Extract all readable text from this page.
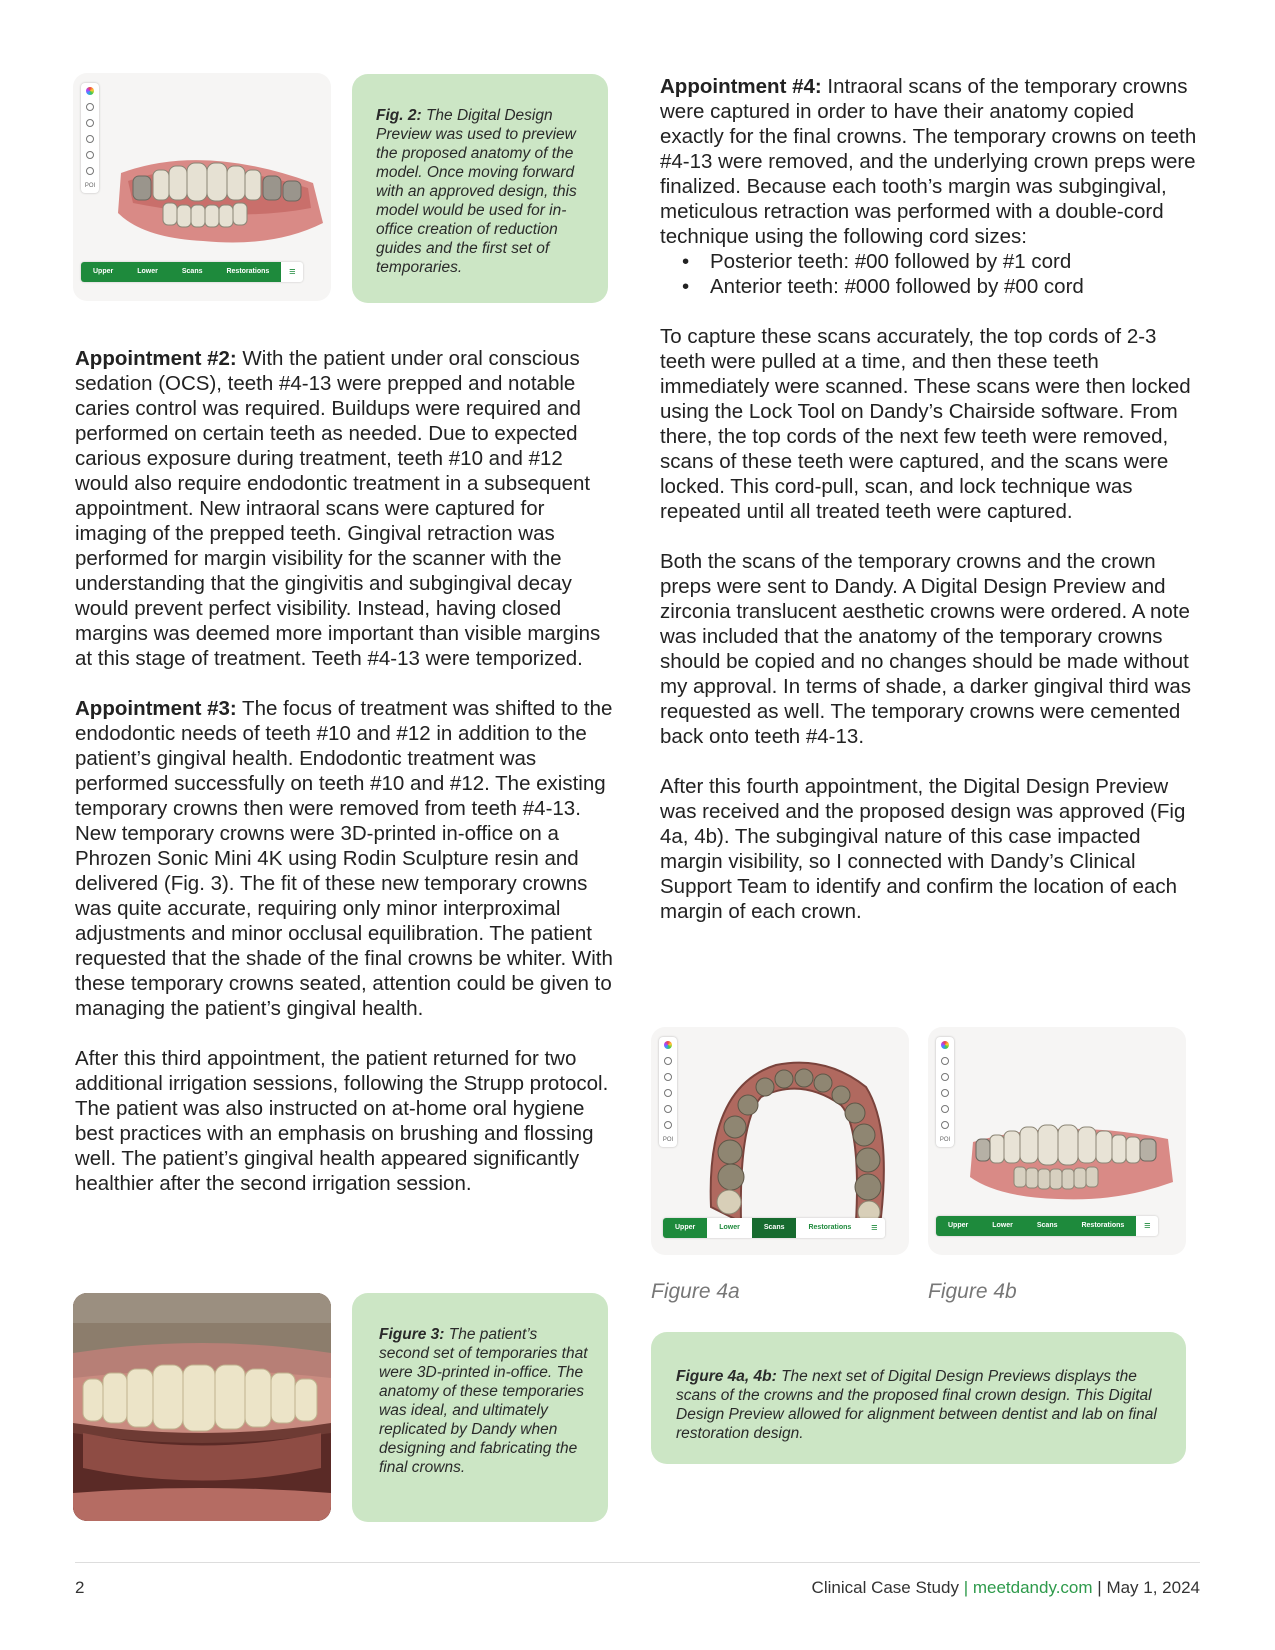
POI
Upper	Lower	Scans	Restorations	≡

Fig. 2: The Digital Design Preview was used to preview the proposed anatomy of the model. Once moving forward with an approved design, this model would be used for in-office creation of reduction guides and the first set of temporaries.

Appointment #2: With the patient under oral conscious sedation (OCS), teeth #4-13 were prepped and notable caries control was required. Buildups were required and performed on certain teeth as needed. Due to expected carious exposure during treatment, teeth #10 and #12 would also require endodontic treatment in a subsequent appointment. New intraoral scans were captured for imaging of the prepped teeth. Gingival retraction was performed for margin visibility for the scanner with the understanding that the gingivitis and subgingival decay would prevent perfect visibility. Instead, having closed margins was deemed more important than visible margins at this stage of treatment. Teeth #4-13 were temporized.

Appointment #3: The focus of treatment was shifted to the endodontic needs of teeth #10 and #12 in addition to the patient’s gingival health. Endodontic treatment was performed successfully on teeth #10 and #12. The existing temporary crowns then were removed from teeth #4-13. New temporary crowns were 3D-printed in-office on a Phrozen Sonic Mini 4K using Rodin Sculpture resin and delivered (Fig. 3). The fit of these new temporary crowns was quite accurate, requiring only minor interproximal adjustments and minor occlusal equilibration. The patient requested that the shade of the final crowns be whiter. With these temporary crowns seated, attention could be given to managing the patient’s gingival health.

After this third appointment, the patient returned for two additional irrigation sessions, following the Strupp protocol. The patient was also instructed on at-home oral hygiene best practices with an emphasis on brushing and flossing well. The patient’s gingival health appeared significantly healthier after the second irrigation session.

Figure 3: The patient’s second set of temporaries that were 3D-printed in-office. The anatomy of these temporaries was ideal, and ultimately replicated by Dandy when designing and fabricating the final crowns.

Appointment #4: Intraoral scans of the temporary crowns were captured in order to have their anatomy copied exactly for the final crowns. The temporary crowns on teeth #4-13 were removed, and the underlying crown preps were finalized. Because each tooth’s margin was subgingival, meticulous retraction was performed with a double-cord technique using the following cord sizes:

• Posterior teeth: #00 followed by #1 cord
• Anterior teeth: #000 followed by #00 cord

To capture these scans accurately, the top cords of 2-3 teeth were pulled at a time, and then these teeth immediately were scanned. These scans were then locked using the Lock Tool on Dandy’s Chairside software. From there, the top cords of the next few teeth were removed, scans of these teeth were captured, and the scans were locked. This cord-pull, scan, and lock technique was repeated until all treated teeth were captured.

Both the scans of the temporary crowns and the crown preps were sent to Dandy. A Digital Design Preview and zirconia translucent aesthetic crowns were ordered. A note was included that the anatomy of the temporary crowns should be copied and no changes should be made without my approval. In terms of shade, a darker gingival third was requested as well. The temporary crowns were cemented back onto teeth #4-13.

After this fourth appointment, the Digital Design Preview was received and the proposed design was approved (Fig 4a, 4b). The subgingival nature of this case impacted margin visibility, so I connected with Dandy’s Clinical Support Team to identify and confirm the location of each margin of each crown.

POI
Upper	Lower	Scans	Restorations	≡
POI
Upper	Lower	Scans	Restorations	≡
Figure 4a	Figure 4b

Figure 4a, 4b: The next set of Digital Design Previews displays the scans of the crowns and the proposed final crown design. This Digital Design Preview allowed for alignment between dentist and lab on final restoration design.

2	Clinical Case Study | meetdandy.com | May 1, 2024
